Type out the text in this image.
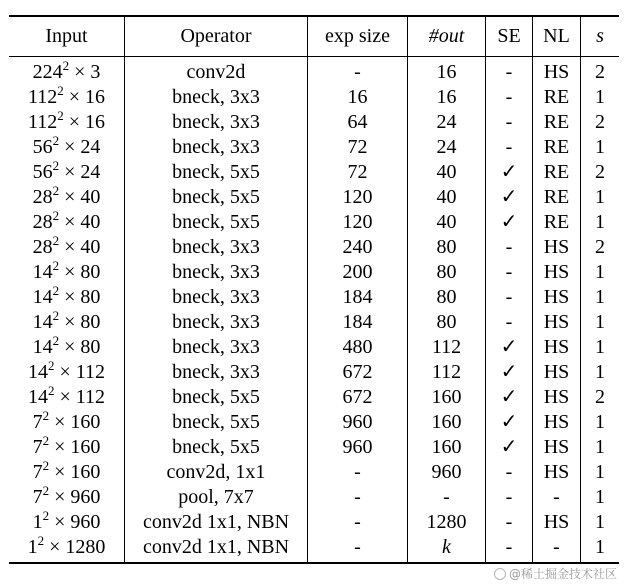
Input	Operator	exp size	#out	SE	NL	s
$224^2 \times 3$	conv2d	-	16	-	HS	2
$112^2 \times 16$	bneck, 3x3	16	16	-	RE	1
$112^2 \times 16$	bneck, 3x3	64	24	-	RE	2
$56^2 \times 24$	bneck, 3x3	72	24	-	RE	1
$56^2 \times 24$	bneck, 5x5	72	40	✓	RE	2
$28^2 \times 40$	bneck, 5x5	120	40	✓	RE	1
$28^2 \times 40$	bneck, 5x5	120	40	✓	RE	1
$28^2 \times 40$	bneck, 3x3	240	80	-	HS	2
$14^2 \times 80$	bneck, 3x3	200	80	-	HS	1
$14^2 \times 80$	bneck, 3x3	184	80	-	HS	1
$14^2 \times 80$	bneck, 3x3	184	80	-	HS	1
$14^2 \times 80$	bneck, 3x3	480	112	✓	HS	1
$14^2 \times 112$	bneck, 3x3	672	112	✓	HS	1
$14^2 \times 112$	bneck, 5x5	672	160	✓	HS	2
$7^2 \times 160$	bneck, 5x5	960	160	✓	HS	1
$7^2 \times 160$	bneck, 5x5	960	160	✓	HS	1
$7^2 \times 160$	conv2d, 1x1	-	960	-	HS	1
$7^2 \times 960$	pool, 7x7	-	-	-	-	1
$1^2 \times 960$	conv2d 1x1, NBN	-	1280	-	HS	1
$1^2 \times 1280$	conv2d 1x1, NBN	-	k	-	-	1
@稀土掘金技术社区
